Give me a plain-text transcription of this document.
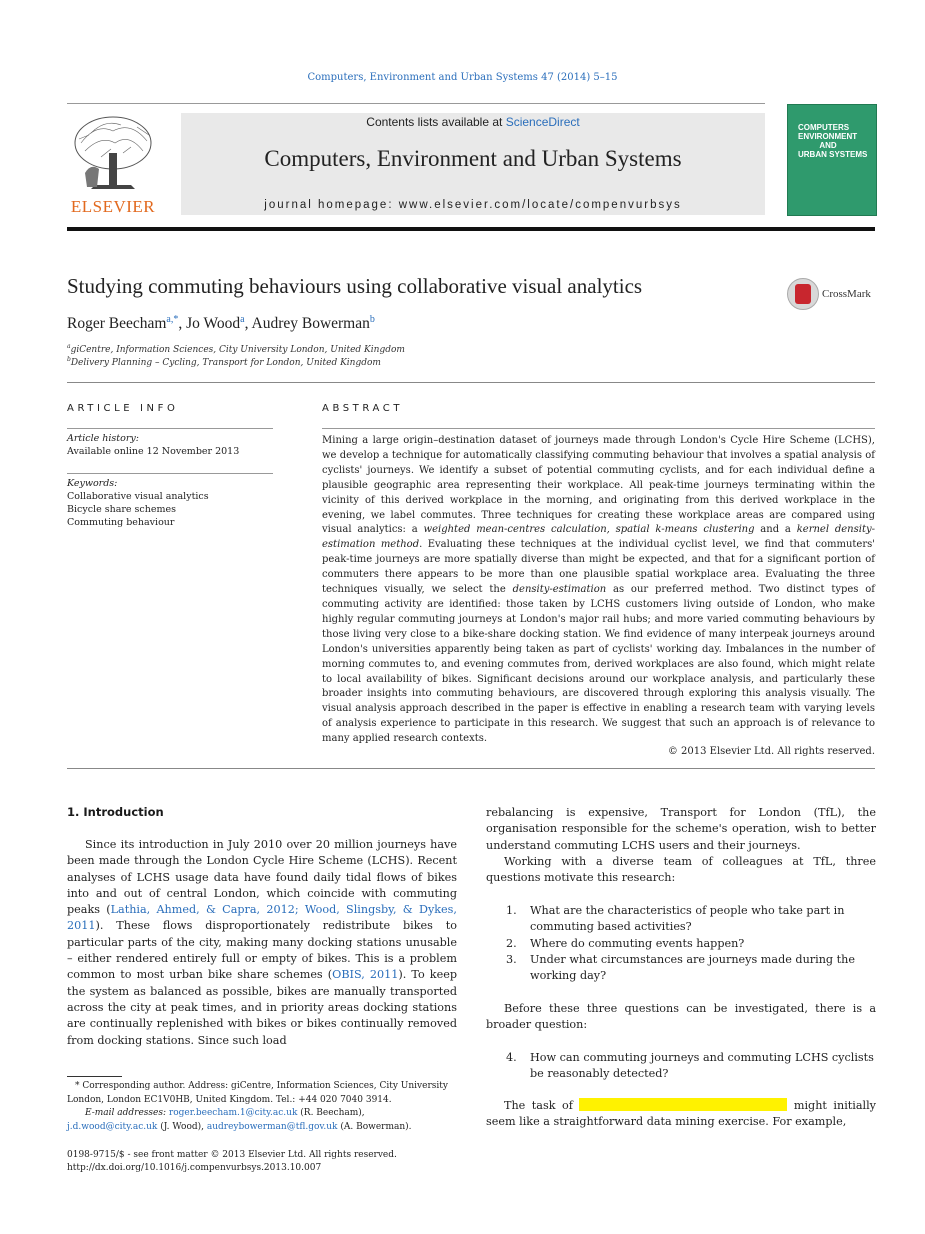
Computers, Environment and Urban Systems 47 (2014) 5–15
ELSEVIER
Contents lists available at ScienceDirect
Computers, Environment and Urban Systems
journal homepage: www.elsevier.com/locate/compenvurbsys
COMPUTERS
ENVIRONMENT
AND
URBAN SYSTEMS
Studying commuting behaviours using collaborative visual analytics	CrossMark
Roger Beecham$^{a,*}$, Jo Wood$^a$, Audrey Bowerman$^b$
$^a$giCentre, Information Sciences, City University London, United Kingdom
$^b$Delivery Planning – Cycling, Transport for London, United Kingdom
ARTICLE INFO
Article history:
Available online 12 November 2013
Keywords:
Collaborative visual analytics
Bicycle share schemes
Commuting behaviour
ABSTRACT
Mining a large origin–destination dataset of journeys made through London's Cycle Hire Scheme (LCHS), we develop a technique for automatically classifying commuting behaviour that involves a spatial analysis of cyclists' journeys. We identify a subset of potential commuting cyclists, and for each individual define a plausible geographic area representing their workplace. All peak-time journeys terminating within the vicinity of this derived workplace in the morning, and originating from this derived workplace in the evening, we label commutes. Three techniques for creating these workplace areas are compared using visual analytics: a weighted mean-centres calculation, spatial k-means clustering and a kernel density-estimation method. Evaluating these techniques at the individual cyclist level, we find that commuters' peak-time journeys are more spatially diverse than might be expected, and that for a significant portion of commuters there appears to be more than one plausible spatial workplace area. Evaluating the three techniques visually, we select the density-estimation as our preferred method. Two distinct types of commuting activity are identified: those taken by LCHS customers living outside of London, who make highly regular commuting journeys at London's major rail hubs; and more varied commuting behaviours by those living very close to a bike-share docking station. We find evidence of many interpeak journeys around London's universities apparently being taken as part of cyclists' working day. Imbalances in the number of morning commutes to, and evening commutes from, derived workplaces are also found, which might relate to local availability of bikes. Significant decisions around our workplace analysis, and particularly these broader insights into commuting behaviours, are discovered through exploring this analysis visually. The visual analysis approach described in the paper is effective in enabling a research team with varying levels of analysis experience to participate in this research. We suggest that such an approach is of relevance to many applied research contexts.
© 2013 Elsevier Ltd. All rights reserved.
1. Introduction

Since its introduction in July 2010 over 20 million journeys have been made through the London Cycle Hire Scheme (LCHS). Recent analyses of LCHS usage data have found daily tidal flows of bikes into and out of central London, which coincide with commuting peaks (Lathia, Ahmed, & Capra, 2012; Wood, Slingsby, & Dykes, 2011). These flows disproportionately redistribute bikes to particular parts of the city, making many docking stations unusable – either rendered entirely full or empty of bikes. This is a problem common to most urban bike share schemes (OBIS, 2011). To keep the system as balanced as possible, bikes are manually transported across the city at peak times, and in priority areas docking stations are continually replenished with bikes or bikes continually removed from docking stations. Since such load

* Corresponding author. Address: giCentre, Information Sciences, City University London, London EC1V0HB, United Kingdom. Tel.: +44 020 7040 3914.
E-mail addresses: roger.beecham.1@city.ac.uk (R. Beecham), j.d.wood@city.ac.uk (J. Wood), audreybowerman@tfl.gov.uk (A. Bowerman).
0198-9715/$ - see front matter © 2013 Elsevier Ltd. All rights reserved.
http://dx.doi.org/10.1016/j.compenvurbsys.2013.10.007
rebalancing is expensive, Transport for London (TfL), the organisation responsible for the scheme's operation, wish to better understand commuting LCHS users and their journeys.
Working with a diverse team of colleagues at TfL, three questions motivate this research:
1. What are the characteristics of people who take part in commuting based activities?
2. Where do commuting events happen?
3. Under what circumstances are journeys made during the working day?
Before these three questions can be investigated, there is a broader question:
4. How can commuting journeys and commuting LCHS cyclists be reasonably detected?
The task of	might initially seem like a straightforward data mining exercise. For example,
